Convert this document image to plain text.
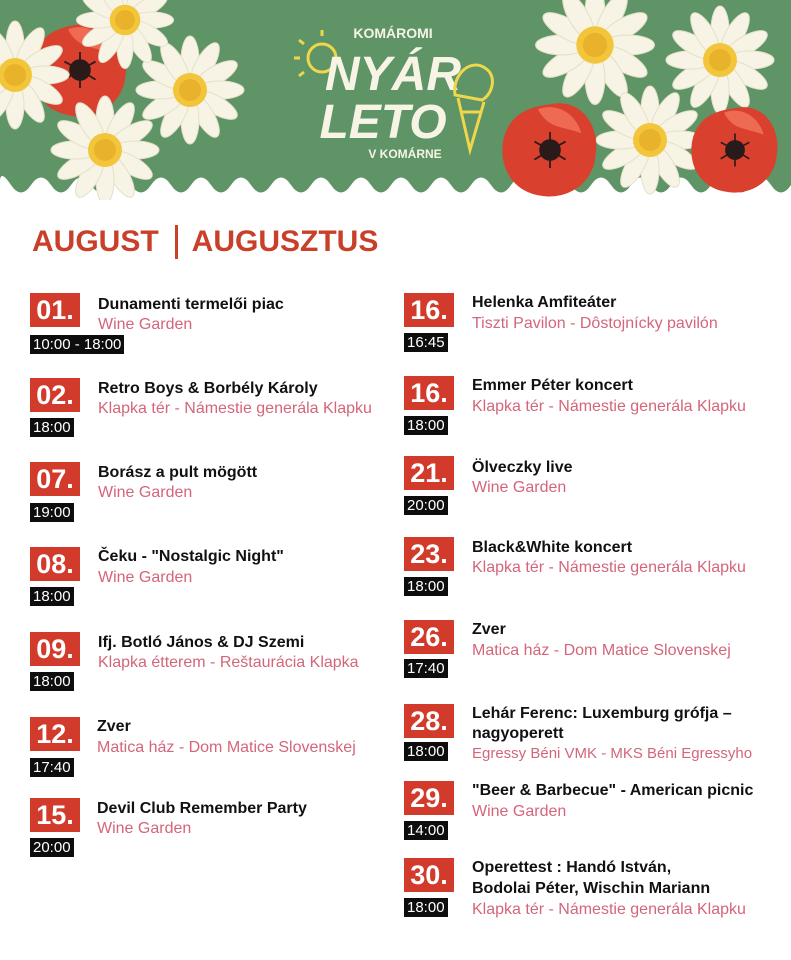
KOMÁROMI
NYÁR
LETO
V KOMÁRNE
AUGUST AUGUSZTUS
01.
10:00 - 18:00
Dunamenti termelői piac
Wine Garden
02.
18:00
Retro Boys & Borbély Károly
Klapka tér - Námestie generála Klapku
07.
19:00
Borász a pult mögött
Wine Garden
08.
18:00
Čeku - "Nostalgic Night"
Wine Garden
09.
18:00
Ifj. Botló János & DJ Szemi
Klapka étterem - Reštaurácia Klapka
12.
17:40
Zver
Matica ház - Dom Matice Slovenskej
15.
20:00
Devil Club Remember Party
Wine Garden
16.
16:45
Helenka Amfiteáter
Tiszti Pavilon - Dôstojnícky pavilón
16.
18:00
Emmer Péter koncert
Klapka tér - Námestie generála Klapku
21.
20:00
Ölveczky live
Wine Garden
23.
18:00
Black&White koncert
Klapka tér - Námestie generála Klapku
26.
17:40
Zver
Matica ház - Dom Matice Slovenskej
28.
18:00
Lehár Ferenc: Luxemburg grófja –
nagyoperett
Egressy Béni VMK - MKS Béni Egressyho
29.
14:00
"Beer & Barbecue" - American picnic
Wine Garden
30.
18:00
Operettest : Handó István,
Bodolai Péter, Wischin Mariann
Klapka tér - Námestie generála Klapku
